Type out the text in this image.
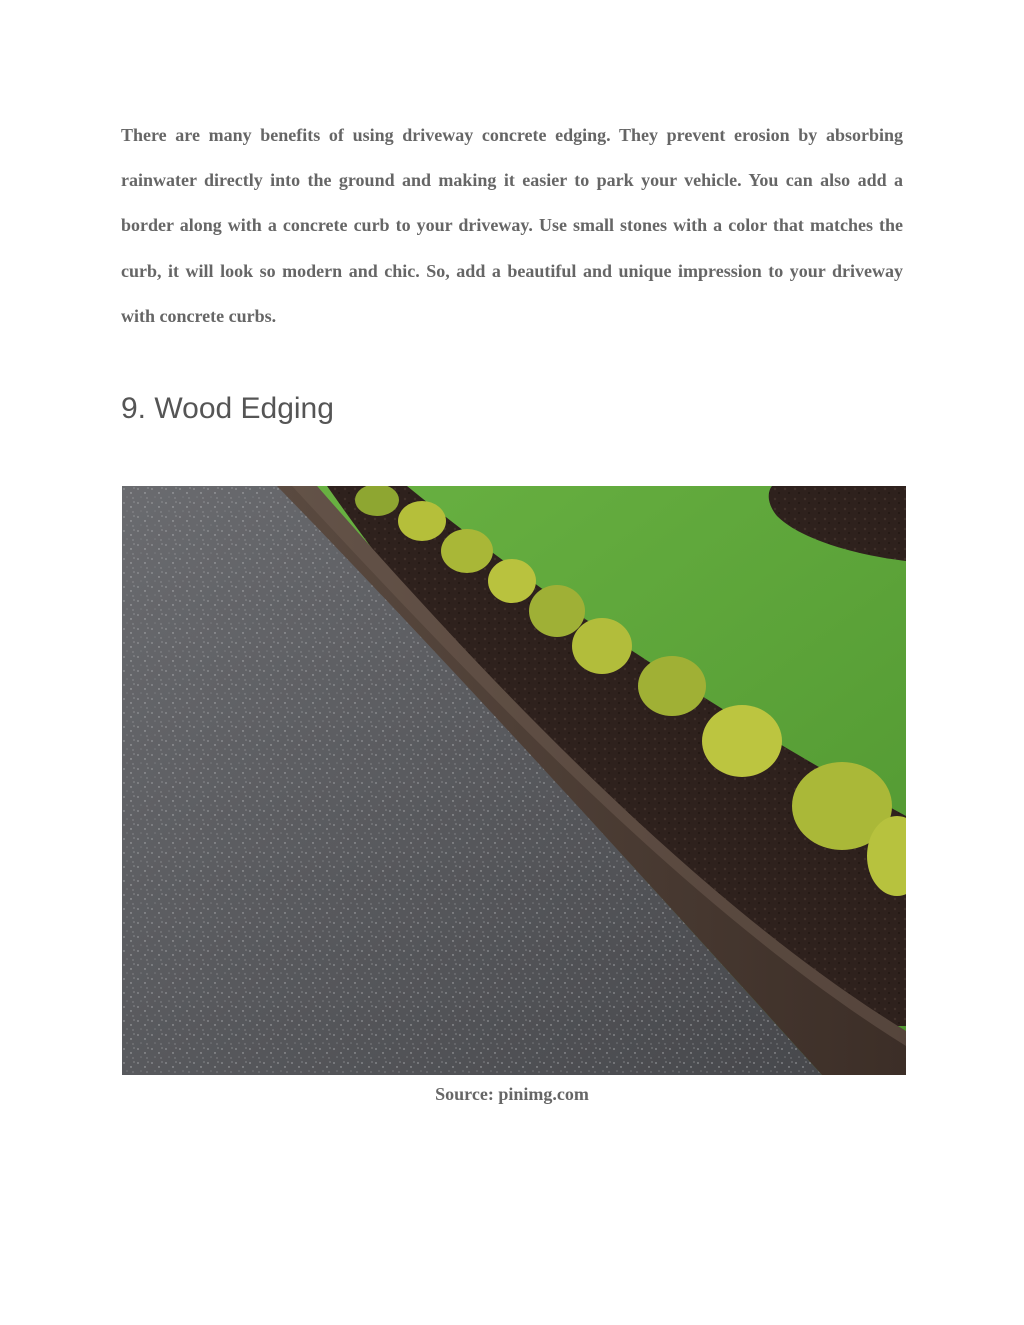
There are many benefits of using driveway concrete edging. They prevent erosion by absorbing rainwater directly into the ground and making it easier to park your vehicle. You can also add a border along with a concrete curb to your driveway. Use small stones with a color that matches the curb, it will look so modern and chic. So, add a beautiful and unique impression to your driveway with concrete curbs.

9. Wood Edging

Source: pinimg.com
